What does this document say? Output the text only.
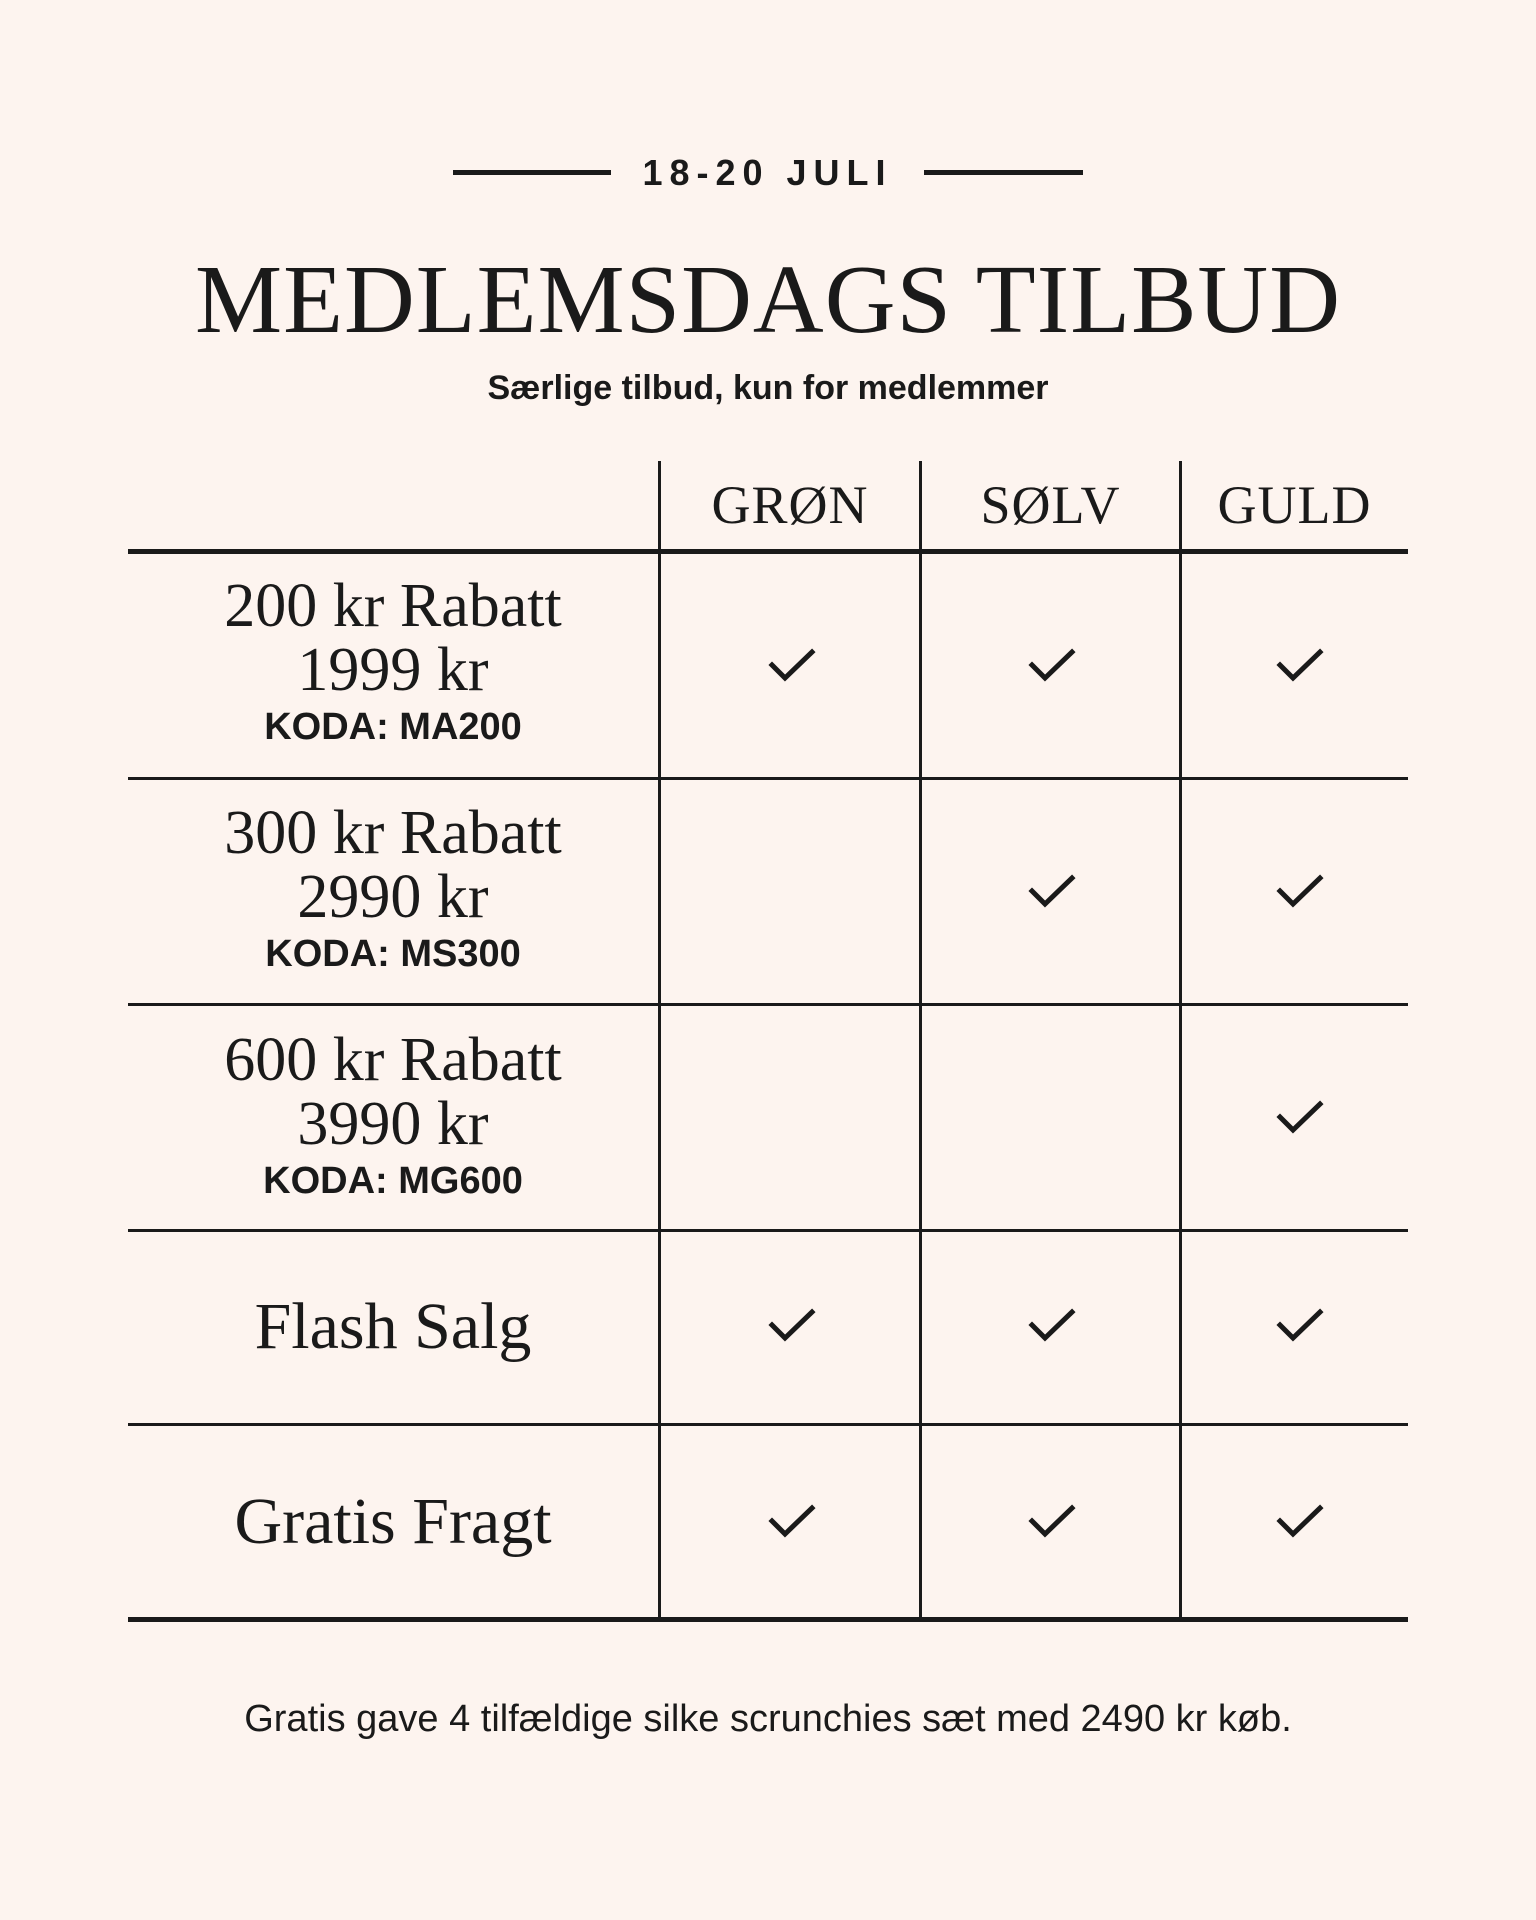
18-20 JULI
MEDLEMSDAGS TILBUD
Særlige tilbud, kun for medlemmer
GRØN	SØLV	GULD
200 kr Rabatt
1999 kr
KODA: MA200
300 kr Rabatt
2990 kr
KODA: MS300
600 kr Rabatt
3990 kr
KODA: MG600
Flash Salg
Gratis Fragt
Gratis gave 4 tilfældige silke scrunchies sæt med 2490 kr køb.
